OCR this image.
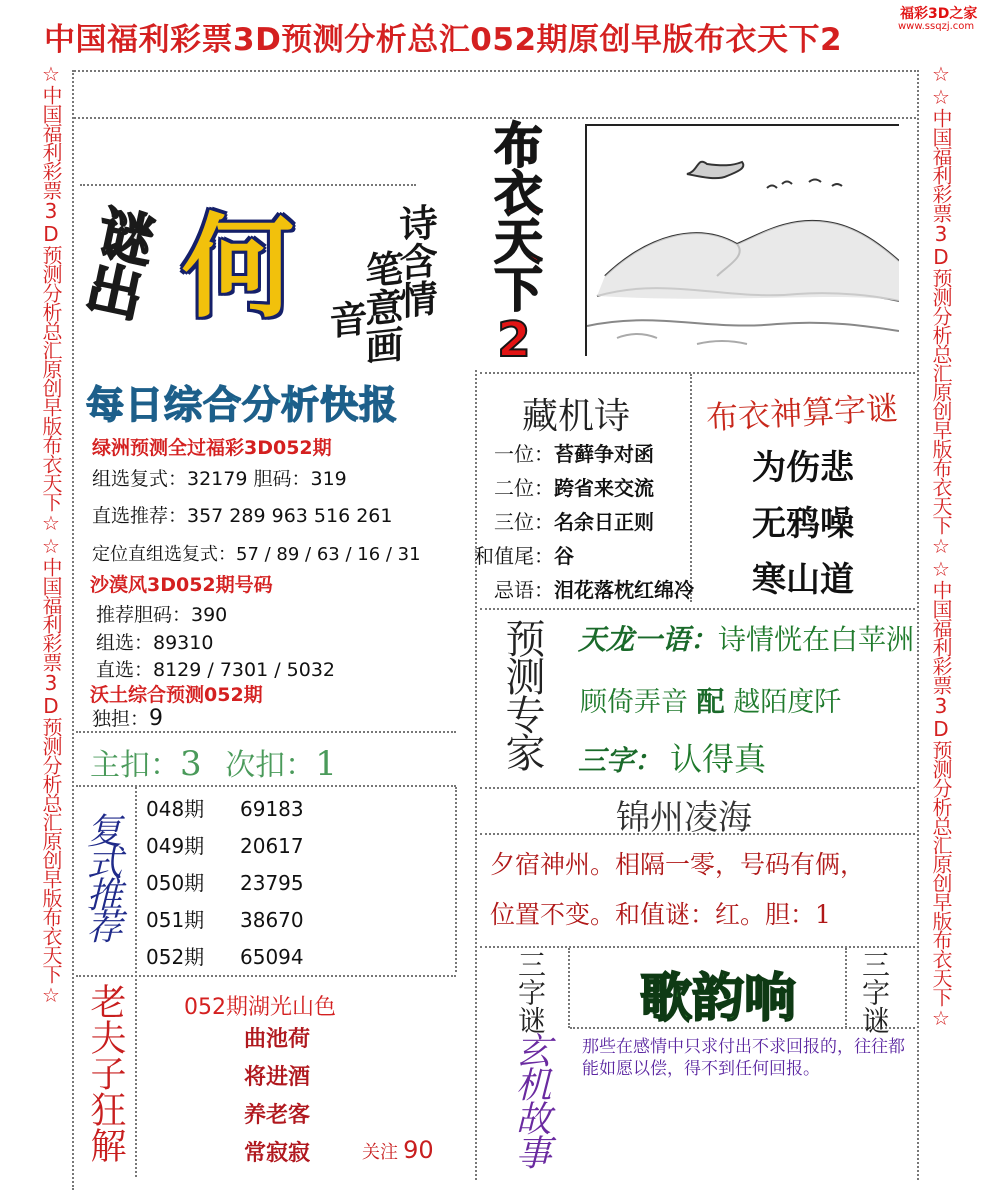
中国福利彩票3D预测分析总汇052期原创早版布衣天下2
福彩3D之家
www.ssqzj.com
☆中国福利彩票3D预测分析总汇原创早版布衣天下☆☆中国福利彩票3D预测分析总汇原创早版布衣天下☆	☆☆中国福利彩票3D预测分析总汇原创早版布衣天下☆☆中国福利彩票3D预测分析总汇原创早版布衣天下☆
谜出 何	诗含情
笔意画
音 布衣天下2
每日综合分析快报
绿洲预测全过福彩3D052期
组选复式：32179 胆码：319
直选推荐：357 289 963 516 261
定位直组选复式：57 / 89 / 63 / 16 / 31
沙漠风3D052期号码
推荐胆码：390
组选：89310
直选：8129 / 7301 / 5032
沃土综合预测052期
独担：9
主扣：3 次扣：1
藏机诗
一位：苔藓争对函
二位：跨省来交流
三位：名余日正则
和值尾：谷
忌语：泪花落枕红绵冷
布衣神算字谜
为伤悲
无鸦噪
寒山道
预测专家 天龙一语：诗情恍在白苹洲
顾倚弄音 配 越陌度阡
三字： 认得真
锦州凌海
夕宿神州。相隔一零，号码有俩，
位置不变。和值谜：红。胆：1
复式推荐
048期 69183
049期 20617
050期 23795
051期 38670
052期 65094
老夫子狂解	052期湖光山色
曲池荷
将进酒
养老客
常寂寂	关注 90
三字谜 歌韵响 三字谜
玄机故事 那些在感情中只求付出不求回报的，往往都能如愿以偿，得不到任何回报。
